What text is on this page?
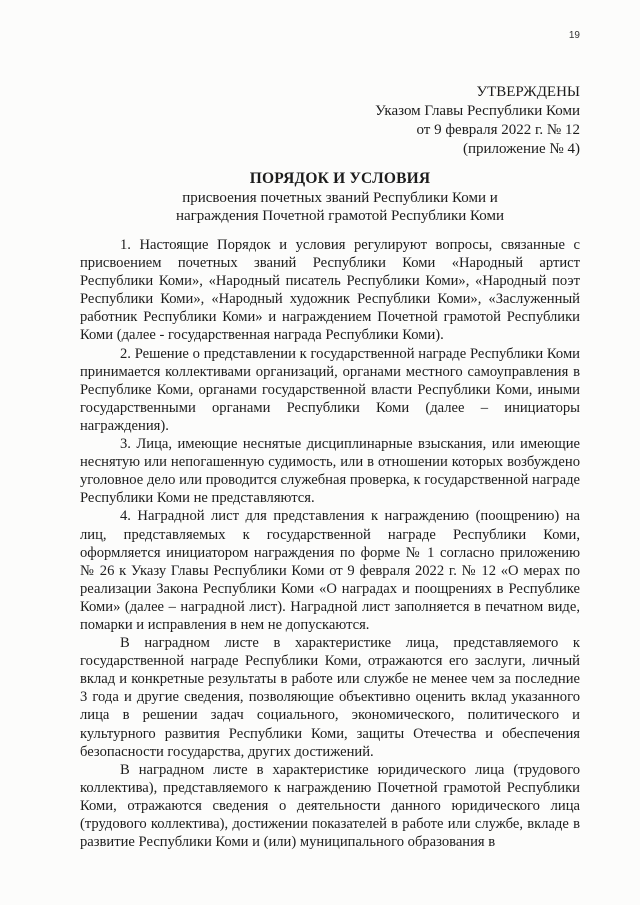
19
УТВЕРЖДЕНЫ
Указом Главы Республики Коми
от 9 февраля 2022 г. № 12
(приложение № 4)
ПОРЯДОК И УСЛОВИЯ
присвоения почетных званий Республики Коми и
награждения Почетной грамотой Республики Коми

1. Настоящие Порядок и условия регулируют вопросы, связанные с присвоением почетных званий Республики Коми «Народный артист Республики Коми», «Народный писатель Республики Коми», «Народный поэт Республики Коми», «Народный художник Республики Коми», «Заслуженный работник Республики Коми» и награждением Почетной грамотой Республики Коми (далее - государственная награда Республики Коми).

2. Решение о представлении к государственной награде Республики Коми принимается коллективами организаций, органами местного самоуправления в Республике Коми, органами государственной власти Республики Коми, иными государственными органами Республики Коми (далее – инициаторы награждения).

3. Лица, имеющие неснятые дисциплинарные взыскания, или имеющие неснятую или непогашенную судимость, или в отношении которых возбуждено уголовное дело или проводится служебная проверка, к государственной награде Республики Коми не представляются.

4. Наградной лист для представления к награждению (поощрению) на лиц, представляемых к государственной награде Республики Коми, оформляется инициатором награждения по форме № 1 согласно приложению № 26 к Указу Главы Республики Коми от 9 февраля 2022 г. № 12 «О мерах по реализации Закона Республики Коми «О наградах и поощрениях в Республике Коми» (далее – наградной лист). Наградной лист заполняется в печатном виде, помарки и исправления в нем не допускаются.

В наградном листе в характеристике лица, представляемого к государственной награде Республики Коми, отражаются его заслуги, личный вклад и конкретные результаты в работе или службе не менее чем за последние 3 года и другие сведения, позволяющие объективно оценить вклад указанного лица в решении задач социального, экономического, политического и культурного развития Республики Коми, защиты Отечества и обеспечения безопасности государства, других достижений.

В наградном листе в характеристике юридического лица (трудового коллектива), представляемого к награждению Почетной грамотой Республики Коми, отражаются сведения о деятельности данного юридического лица (трудового коллектива), достижении показателей в работе или службе, вкладе в развитие Республики Коми и (или) муниципального образования в
